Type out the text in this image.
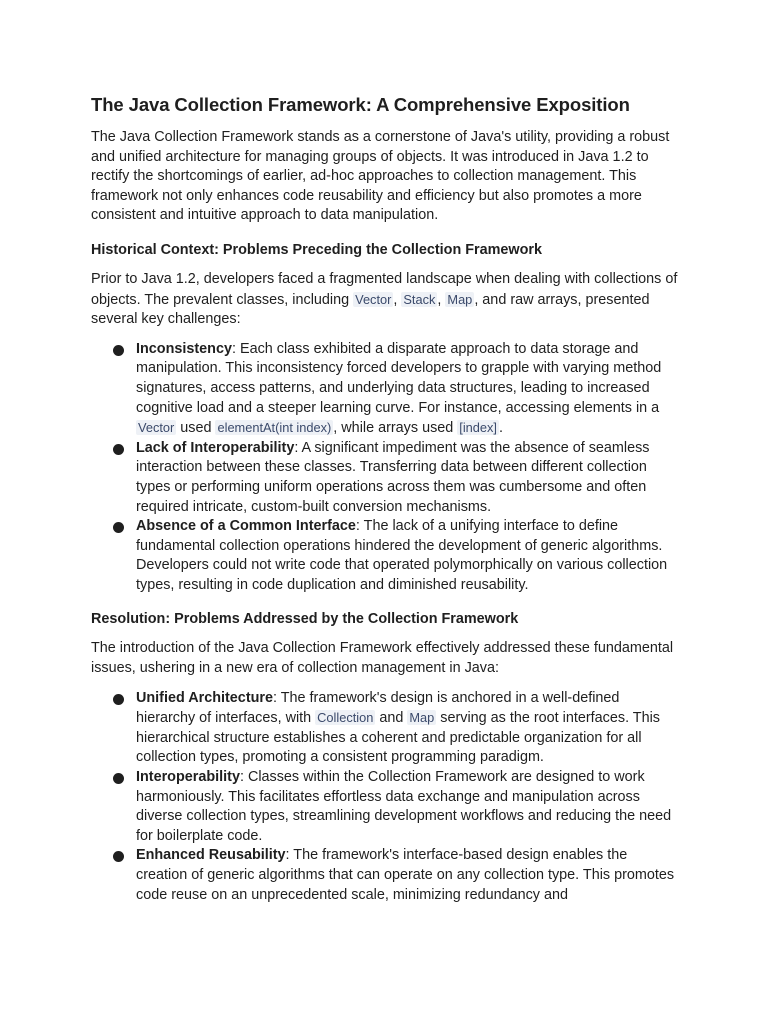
The Java Collection Framework: A Comprehensive Exposition

The Java Collection Framework stands as a cornerstone of Java's utility, providing a robust and unified architecture for managing groups of objects. It was introduced in Java 1.2 to rectify the shortcomings of earlier, ad-hoc approaches to collection management. This framework not only enhances code reusability and efficiency but also promotes a more consistent and intuitive approach to data manipulation.

Historical Context: Problems Preceding the Collection Framework

Prior to Java 1.2, developers faced a fragmented landscape when dealing with collections of objects. The prevalent classes, including Vector , Stack , Map , and raw arrays, presented several key challenges:

Inconsistency: Each class exhibited a disparate approach to data storage and manipulation. This inconsistency forced developers to grapple with varying method signatures, access patterns, and underlying data structures, leading to increased cognitive load and a steeper learning curve. For instance, accessing elements in a Vector used elementAt(int index) , while arrays used [index] .
Lack of Interoperability: A significant impediment was the absence of seamless interaction between these classes. Transferring data between different collection types or performing uniform operations across them was cumbersome and often required intricate, custom-built conversion mechanisms.
Absence of a Common Interface: The lack of a unifying interface to define fundamental collection operations hindered the development of generic algorithms. Developers could not write code that operated polymorphically on various collection types, resulting in code duplication and diminished reusability.
Resolution: Problems Addressed by the Collection Framework

The introduction of the Java Collection Framework effectively addressed these fundamental issues, ushering in a new era of collection management in Java:

Unified Architecture: The framework's design is anchored in a well-defined hierarchy of interfaces, with Collection and Map serving as the root interfaces. This hierarchical structure establishes a coherent and predictable organization for all collection types, promoting a consistent programming paradigm.
Interoperability: Classes within the Collection Framework are designed to work harmoniously. This facilitates effortless data exchange and manipulation across diverse collection types, streamlining development workflows and reducing the need for boilerplate code.
Enhanced Reusability: The framework's interface-based design enables the creation of generic algorithms that can operate on any collection type. This promotes code reuse on an unprecedented scale, minimizing redundancy and
